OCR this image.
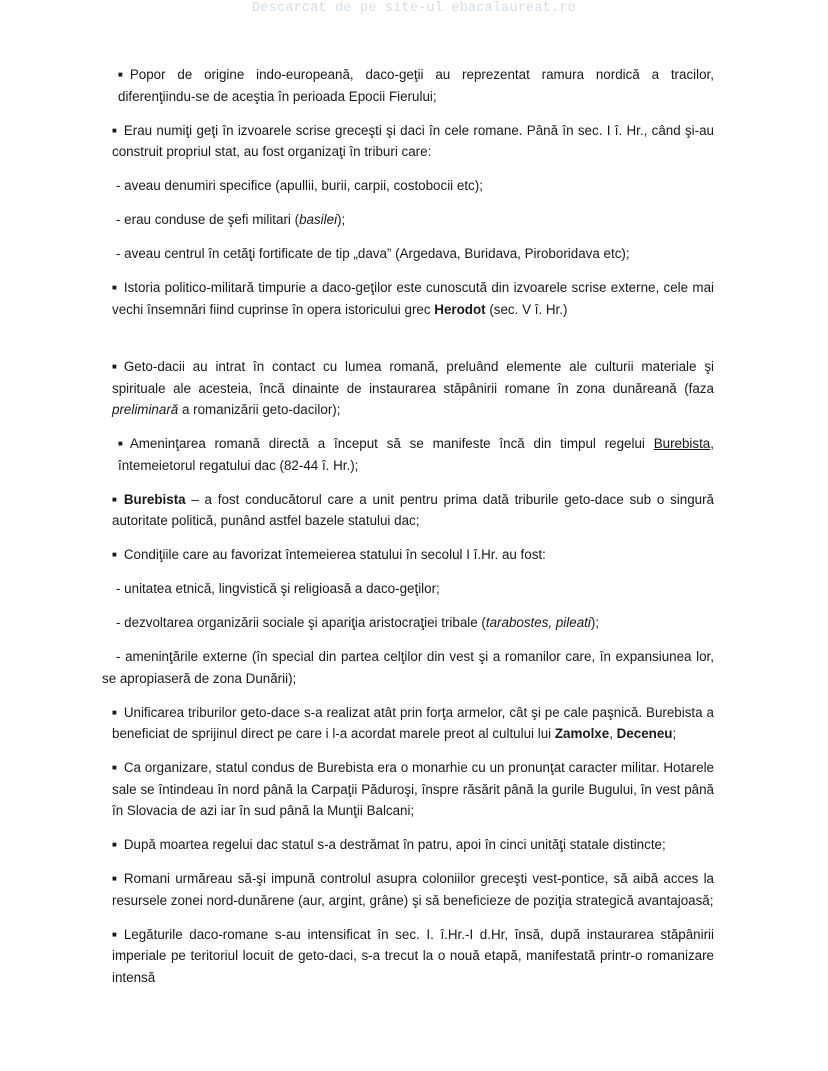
Descarcat de pe site-ul ebacalaureat.ro

■ Popor de origine indo-europeană, daco-geţii au reprezentat ramura nordică a tracilor, diferenţiindu-se de aceştia în perioada Epocii Fierului;

■ Erau numiţi geţi în izvoarele scrise greceşti şi daci în cele romane. Până în sec. I î. Hr., când şi-au construit propriul stat, au fost organizaţi în triburi care:

- aveau denumiri specifice (apullii, burii, carpii, costobocii etc);

- erau conduse de şefi militari (basilei);

- aveau centrul în cetăţi fortificate de tip „dava” (Argedava, Buridava, Piroboridava etc);

■ Istoria politico-militară timpurie a daco-geţilor este cunoscută din izvoarele scrise externe, cele mai vechi însemnări fiind cuprinse în opera istoricului grec Herodot (sec. V î. Hr.)

■ Geto-dacii au intrat în contact cu lumea romană, preluând elemente ale culturii materiale şi spirituale ale acesteia, încă dinainte de instaurarea stăpânirii romane în zona dunăreană (faza preliminară a romanizării geto-dacilor);

■ Ameninţarea romană directă a început să se manifeste încă din timpul regelui Burebista, întemeietorul regatului dac (82-44 î. Hr.);

■ Burebista – a fost conducătorul care a unit pentru prima dată triburile geto-dace sub o singură autoritate politică, punând astfel bazele statului dac;

■ Condiţiile care au favorizat întemeierea statului în secolul I î.Hr. au fost:

- unitatea etnică, lingvistică şi religioasă a daco-geţilor;

- dezvoltarea organizării sociale şi apariţia aristocraţiei tribale (tarabostes, pileati);

- ameninţările externe (în special din partea celţilor din vest şi a romanilor care, în expansiunea lor, se apropiaseră de zona Dunării);

■ Unificarea triburilor geto-dace s-a realizat atât prin forţa armelor, cât şi pe cale paşnică. Burebista a beneficiat de sprijinul direct pe care i l-a acordat marele preot al cultului lui Zamolxe, Deceneu;

■ Ca organizare, statul condus de Burebista era o monarhie cu un pronunţat caracter militar. Hotarele sale se întindeau în nord până la Carpaţii Păduroşi, înspre răsărit până la gurile Bugului, în vest până în Slovacia de azi iar în sud până la Munţii Balcani;

■ După moartea regelui dac statul s-a destrămat în patru, apoi în cinci unităţi statale distincte;

■ Romani urmăreau să-şi impună controlul asupra coloniilor greceşti vest-pontice, să aibă acces la resursele zonei nord-dunărene (aur, argint, grâne) şi să beneficieze de poziţia strategică avantajoasă;

■ Legăturile daco-romane s-au intensificat în sec. I. î.Hr.-I d.Hr, însă, după instaurarea stăpânirii imperiale pe teritoriul locuit de geto-daci, s-a trecut la o nouă etapă, manifestată printr-o romanizare intensă
